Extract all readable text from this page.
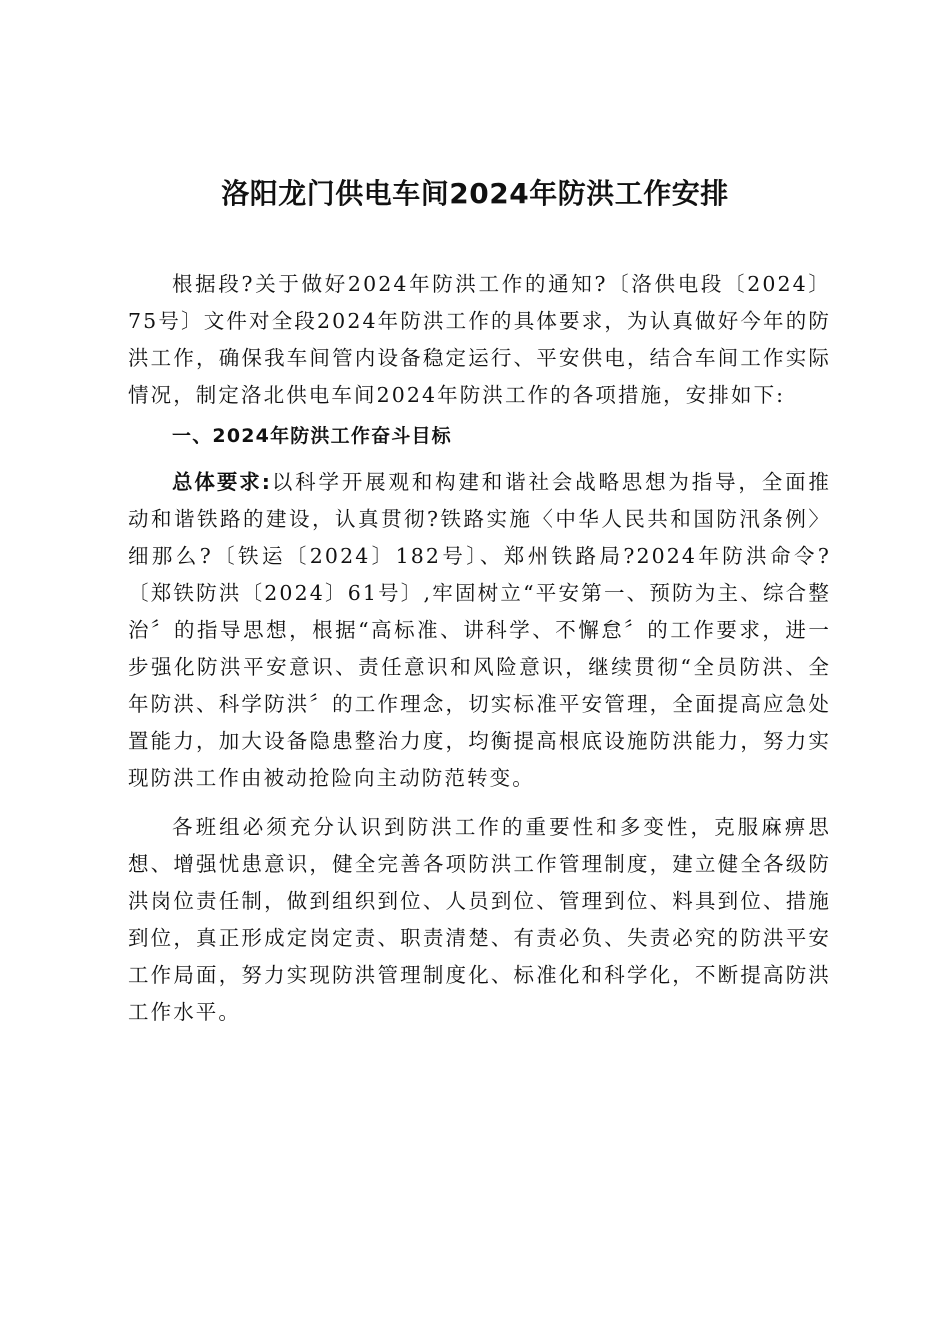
洛阳龙门供电车间2024年防洪工作安排

根据段?关于做好2024年防洪工作的通知?〔洛供电段〔2024〕75号〕文件对全段2024年防洪工作的具体要求，为认真做好今年的防洪工作，确保我车间管内设备稳定运行、平安供电，结合车间工作实际情况，制定洛北供电车间2024年防洪工作的各项措施，安排如下:

一、2024年防洪工作奋斗目标

总体要求:以科学开展观和构建和谐社会战略思想为指导，全面推动和谐铁路的建设，认真贯彻?铁路实施〈中华人民共和国防汛条例〉细那么?〔铁运〔2024〕182号〕、郑州铁路局?2024年防洪命令?〔郑铁防洪〔2024〕61号〕,牢固树立“平安第一、预防为主、综合整治〞的指导思想，根据“高标准、讲科学、不懈怠〞的工作要求，进一步强化防洪平安意识、责任意识和风险意识，继续贯彻“全员防洪、全年防洪、科学防洪〞的工作理念，切实标准平安管理，全面提高应急处置能力，加大设备隐患整治力度，均衡提高根底设施防洪能力，努力实现防洪工作由被动抢险向主动防范转变。

各班组必须充分认识到防洪工作的重要性和多变性，克服麻痹思想、增强忧患意识，健全完善各项防洪工作管理制度，建立健全各级防洪岗位责任制，做到组织到位、人员到位、管理到位、料具到位、措施到位，真正形成定岗定责、职责清楚、有责必负、失责必究的防洪平安工作局面，努力实现防洪管理制度化、标准化和科学化，不断提高防洪工作水平。
